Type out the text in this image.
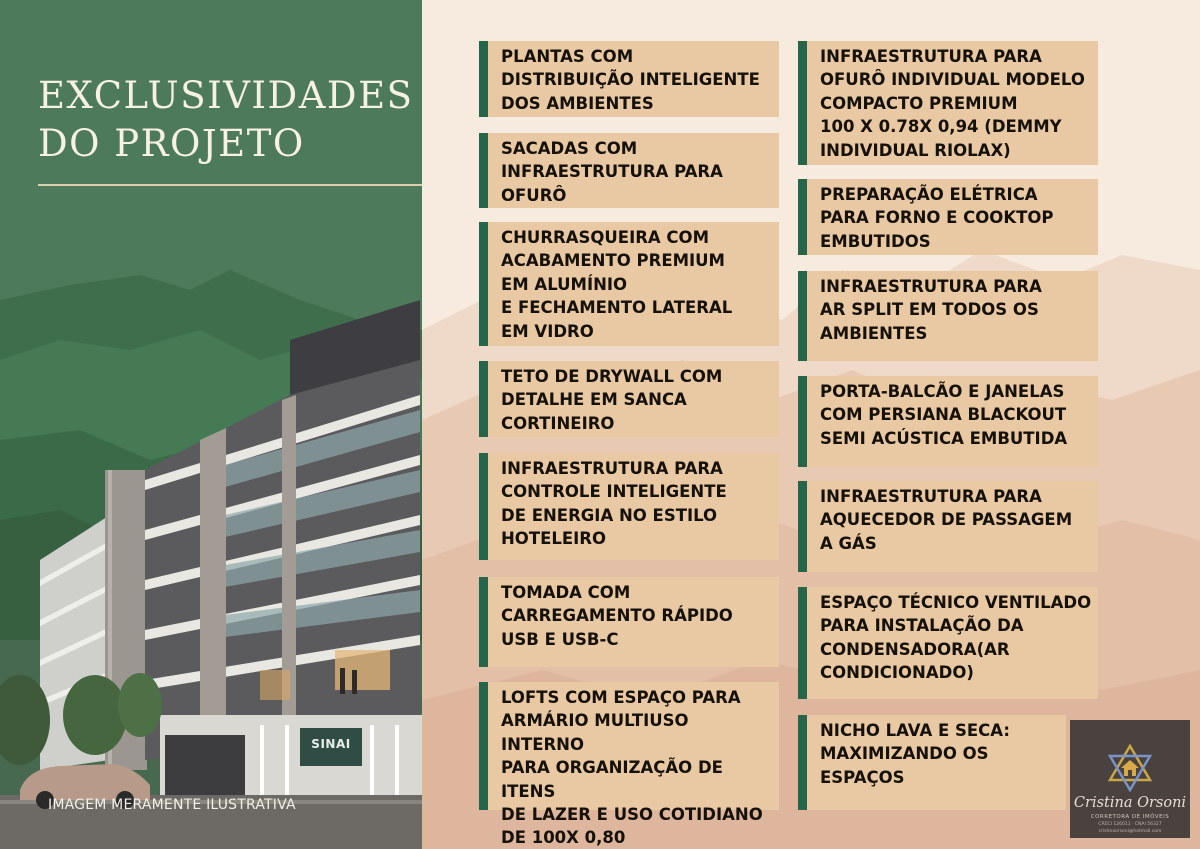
EXCLUSIVIDADES
DO PROJETO
SINAI
IMAGEM MERAMENTE ILUSTRATIVA

PLANTAS COM
DISTRIBUIÇÃO INTELIGENTE
DOS AMBIENTES

SACADAS COM
INFRAESTRUTURA PARA
OFURÔ

CHURRASQUEIRA COM
ACABAMENTO PREMIUM
EM ALUMÍNIO
E FECHAMENTO LATERAL
EM VIDRO

TETO DE DRYWALL COM
DETALHE EM SANCA
CORTINEIRO

INFRAESTRUTURA PARA
CONTROLE INTELIGENTE
DE ENERGIA NO ESTILO
HOTELEIRO

TOMADA COM
CARREGAMENTO RÁPIDO
USB E USB-C

LOFTS COM ESPAÇO PARA
ARMÁRIO MULTIUSO INTERNO
PARA ORGANIZAÇÃO DE ITENS
DE LAZER E USO COTIDIANO
DE 100X 0,80

INFRAESTRUTURA PARA
OFURÔ INDIVIDUAL MODELO
COMPACTO PREMIUM
100 X 0.78X 0,94 (DEMMY
INDIVIDUAL RIOLAX)

PREPARAÇÃO ELÉTRICA
PARA FORNO E COOKTOP
EMBUTIDOS

INFRAESTRUTURA PARA
AR SPLIT EM TODOS OS
AMBIENTES

PORTA-BALCÃO E JANELAS
COM PERSIANA BLACKOUT
SEMI ACÚSTICA EMBUTIDA

INFRAESTRUTURA PARA
AQUECEDOR DE PASSAGEM
A GÁS

ESPAÇO TÉCNICO VENTILADO
PARA INSTALAÇÃO DA
CONDENSADORA(AR
CONDICIONADO)

NICHO LAVA E SECA:
MAXIMIZANDO OS
ESPAÇOS

Cristina Orsoni
CORRETORA DE IMÓVEIS
CRECI 126011 · CNAI 56327
cristinaorsoni@hotmail.com
